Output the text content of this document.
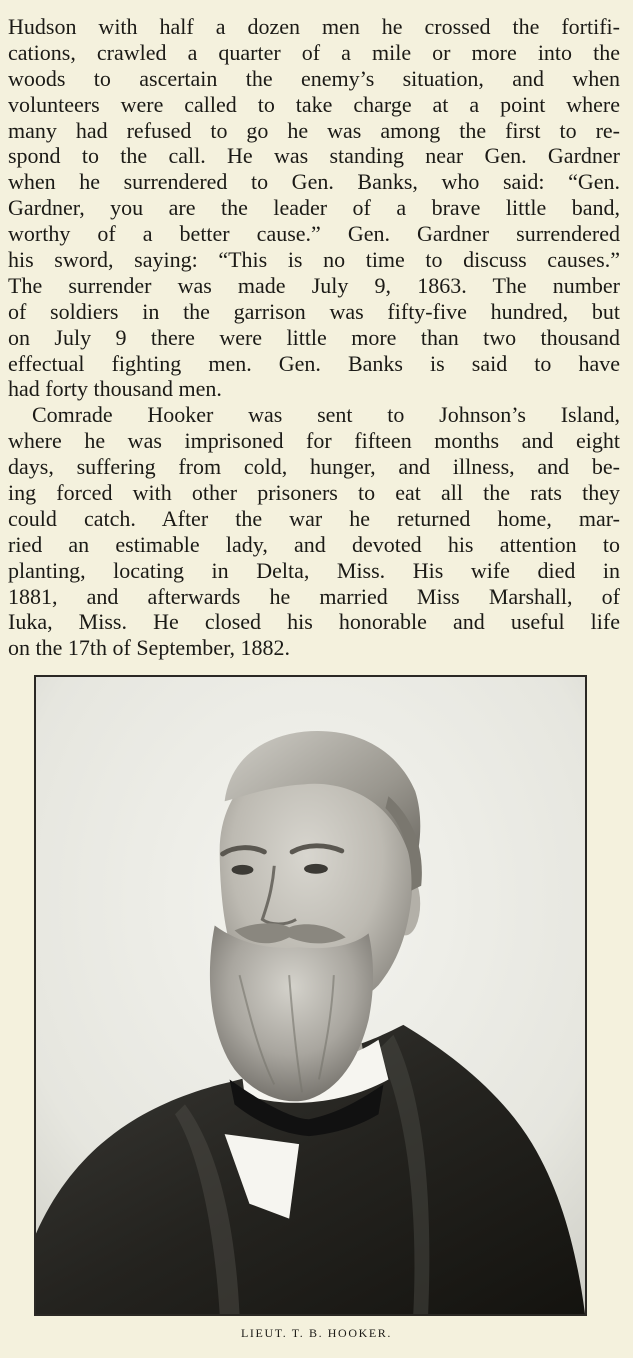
Hudson with half a dozen men he crossed the fortifi-
cations, crawled a quarter of a mile or more into the
woods to ascertain the enemy’s situation, and when
volunteers were called to take charge at a point where
many had refused to go he was among the first to re-
spond to the call. He was standing near Gen. Gardner
when he surrendered to Gen. Banks, who said: “Gen.
Gardner, you are the leader of a brave little band,
worthy of a better cause.” Gen. Gardner surrendered
his sword, saying: “This is no time to discuss causes.”
The surrender was made July 9, 1863. The number
of soldiers in the garrison was fifty-five hundred, but
on July 9 there were little more than two thousand
effectual fighting men. Gen. Banks is said to have
had forty thousand men.
Comrade Hooker was sent to Johnson’s Island,
where he was imprisoned for fifteen months and eight
days, suffering from cold, hunger, and illness, and be-
ing forced with other prisoners to eat all the rats they
could catch. After the war he returned home, mar-
ried an estimable lady, and devoted his attention to
planting, locating in Delta, Miss. His wife died in
1881, and afterwards he married Miss Marshall, of
Iuka, Miss. He closed his honorable and useful life
on the 17th of September, 1882.
LIEUT. T. B. HOOKER.
